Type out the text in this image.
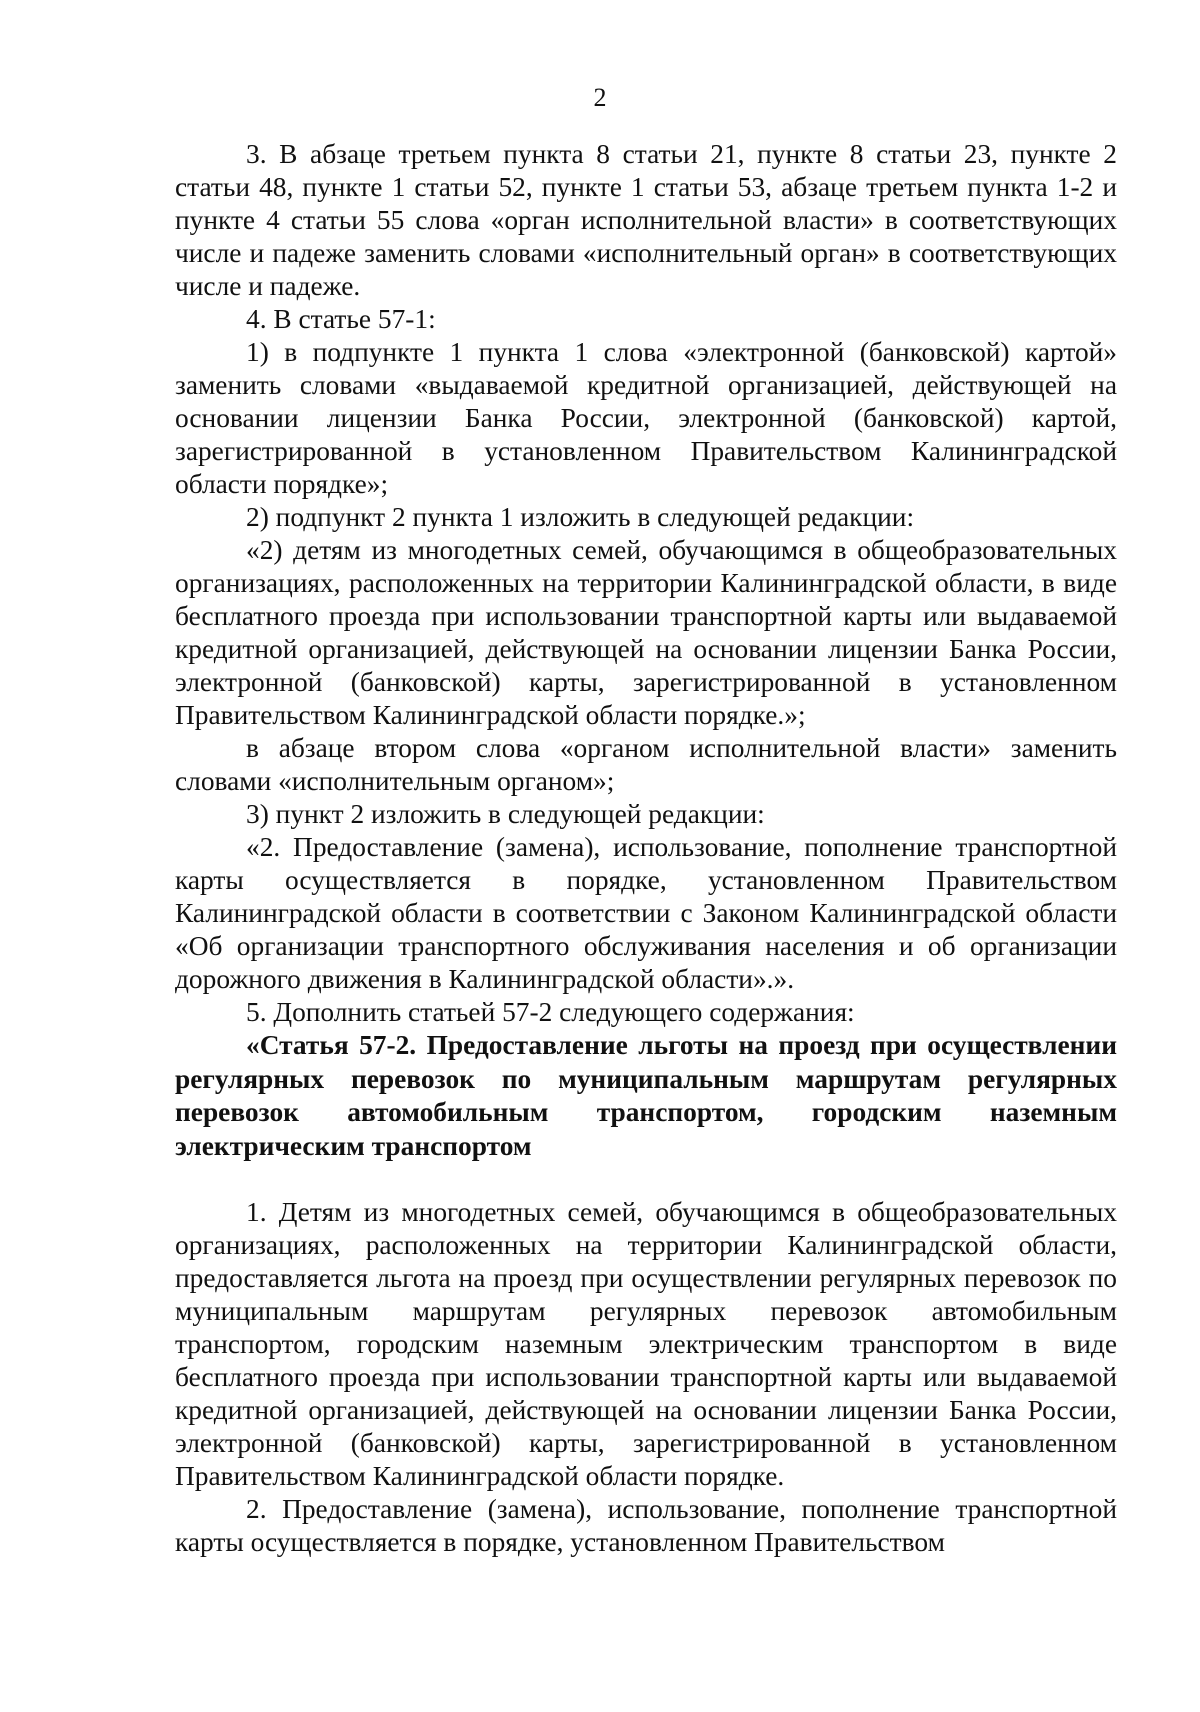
2

3. В абзаце третьем пункта 8 статьи 21, пункте 8 статьи 23, пункте 2 статьи 48, пункте 1 статьи 52, пункте 1 статьи 53, абзаце третьем пункта 1-2 и пункте 4 статьи 55 слова «орган исполнительной власти» в соответствующих числе и падеже заменить словами «исполнительный орган» в соответствующих числе и падеже.

4. В статье 57-1:

1) в подпункте 1 пункта 1 слова «электронной (банковской) картой» заменить словами «выдаваемой кредитной организацией, действующей на основании лицензии Банка России, электронной (банковской) картой, зарегистрированной в установленном Правительством Калининградской области порядке»;

2) подпункт 2 пункта 1 изложить в следующей редакции:

«2) детям из многодетных семей, обучающимся в общеобразовательных организациях, расположенных на территории Калининградской области, в виде бесплатного проезда при использовании транспортной карты или выдаваемой кредитной организацией, действующей на основании лицензии Банка России, электронной (банковской) карты, зарегистрированной в установленном Правительством Калининградской области порядке.»;

в абзаце втором слова «органом исполнительной власти» заменить словами «исполнительным органом»;

3) пункт 2 изложить в следующей редакции:

«2. Предоставление (замена), использование, пополнение транспортной карты осуществляется в порядке, установленном Правительством Калининградской области в соответствии с Законом Калининградской области «Об организации транспортного обслуживания населения и об организации дорожного движения в Калининградской области».».

5. Дополнить статьей 57-2 следующего содержания:

«Статья 57-2. Предоставление льготы на проезд при осуществлении регулярных перевозок по муниципальным маршрутам регулярных перевозок автомобильным транспортом, городским наземным электрическим транспортом

1. Детям из многодетных семей, обучающимся в общеобразовательных организациях, расположенных на территории Калининградской области, предоставляется льгота на проезд при осуществлении регулярных перевозок по муниципальным маршрутам регулярных перевозок автомобильным транспортом, городским наземным электрическим транспортом в виде бесплатного проезда при использовании транспортной карты или выдаваемой кредитной организацией, действующей на основании лицензии Банка России, электронной (банковской) карты, зарегистрированной в установленном Правительством Калининградской области порядке.

2. Предоставление (замена), использование, пополнение транспортной карты осуществляется в порядке, установленном Правительством
